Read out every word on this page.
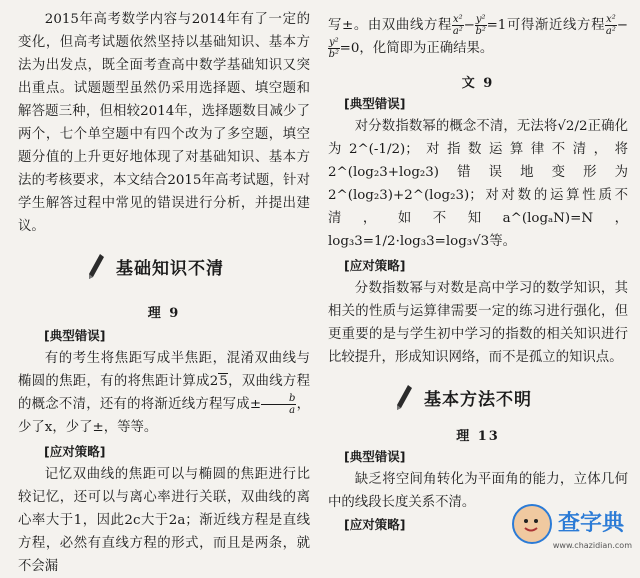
2015年高考数学内容与2014年有了一定的变化，但高考试题依然坚持以基础知识、基本方法为出发点，既全面考查高中数学基础知识又突出重点。试题题型虽然仍采用选择题、填空题和解答题三种，但相较2014年，选择题数目减少了两个，七个单空题中有四个改为了多空题，填空题分值的上升更好地体现了对基础知识、基本方法的考核要求，本文结合2015年高考试题，针对学生解答过程中常见的错误进行分析，并提出建议。

基础知识不清
理 9
[典型错误]

有的考生将焦距写成半焦距，混淆双曲线与椭圆的焦距，有的将焦距计算成25，双曲线方程的概念不清，还有的将渐近线方程写成± $\frac{b}{a}$ ，少了x，少了±，等等。

[应对策略]

记忆双曲线的焦距可以与椭圆的焦距进行比较记忆，还可以与离心率进行关联，双曲线的离心率大于1，因此2c大于2a；渐近线方程是直线方程，必然有直线方程的形式，而且是两条，就不会漏

写±。由双曲线方程 $\frac{\text{x²}}{\text{a²}} - \frac{\text{y²}}{\text{b²}} =1$可得渐近线方程 $\frac{\text{x²}}{\text{a²}}$ −
$\frac{\text{y²}}{\text{b²}} =0$，化简即为正确结果。

文 9
[典型错误]

对分数指数幂的概念不清，无法将√2/2正确化为2^(-1/2)；对指数运算律不清，将2^(log₂3+log₂3)错误地变形为2^(log₂3)+2^(log₂3)；对对数的运算性质不清，如不知a^(logₐN)=N，log₃3=1/2·log₃3=log₃√3等。

[应对策略]

分数指数幂与对数是高中学习的数学知识，其相关的性质与运算律需要一定的练习进行强化，但更重要的是与学生初中学习的指数的相关知识进行比较提升，形成知识网络，而不是孤立的知识点。

基本方法不明
理 13
[典型错误]

缺乏将空间角转化为平面角的能力，立体几何中的线段长度关系不清。

[应对策略]	查字典
www.chazidian.com
